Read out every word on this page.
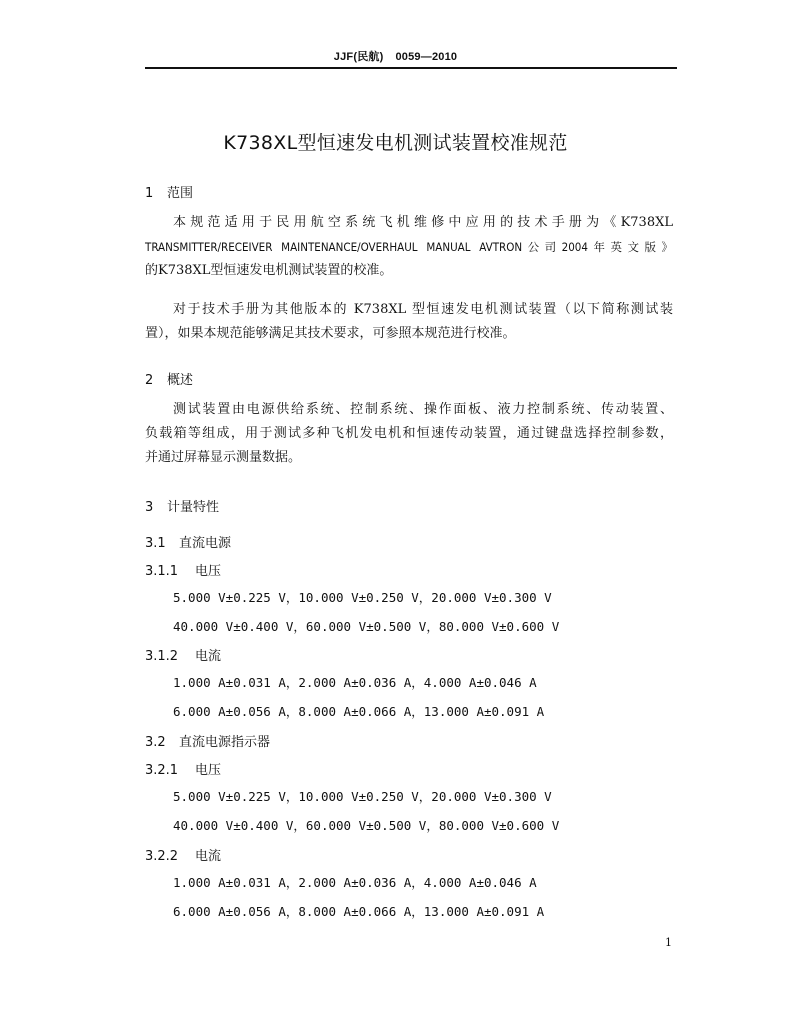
JJF(民航) 0059—2010
K738XL型恒速发电机测试装置校准规范
1 范围
本规范适用于民用航空系统飞机维修中应用的技术手册为《K738XL
TRANSMITTER/RECEIVER MAINTENANCE/OVERHAUL MANUAL AVTRON公司2004年英文版》
的K738XL型恒速发电机测试装置的校准。
对于技术手册为其他版本的 K738XL 型恒速发电机测试装置（以下简称测试装
置），如果本规范能够满足其技术要求，可参照本规范进行校准。
2 概述
测试装置由电源供给系统、控制系统、操作面板、液力控制系统、传动装置、
负载箱等组成，用于测试多种飞机发电机和恒速传动装置，通过键盘选择控制参数，
并通过屏幕显示测量数据。
3 计量特性
3.1 直流电源
3.1.1 电压
5.000 V±0.225 V，10.000 V±0.250 V，20.000 V±0.300 V
40.000 V±0.400 V，60.000 V±0.500 V，80.000 V±0.600 V
3.1.2 电流
1.000 A±0.031 A，2.000 A±0.036 A，4.000 A±0.046 A
6.000 A±0.056 A，8.000 A±0.066 A，13.000 A±0.091 A
3.2 直流电源指示器
3.2.1 电压
5.000 V±0.225 V，10.000 V±0.250 V，20.000 V±0.300 V
40.000 V±0.400 V，60.000 V±0.500 V，80.000 V±0.600 V
3.2.2 电流
1.000 A±0.031 A，2.000 A±0.036 A，4.000 A±0.046 A
6.000 A±0.056 A，8.000 A±0.066 A，13.000 A±0.091 A
1
